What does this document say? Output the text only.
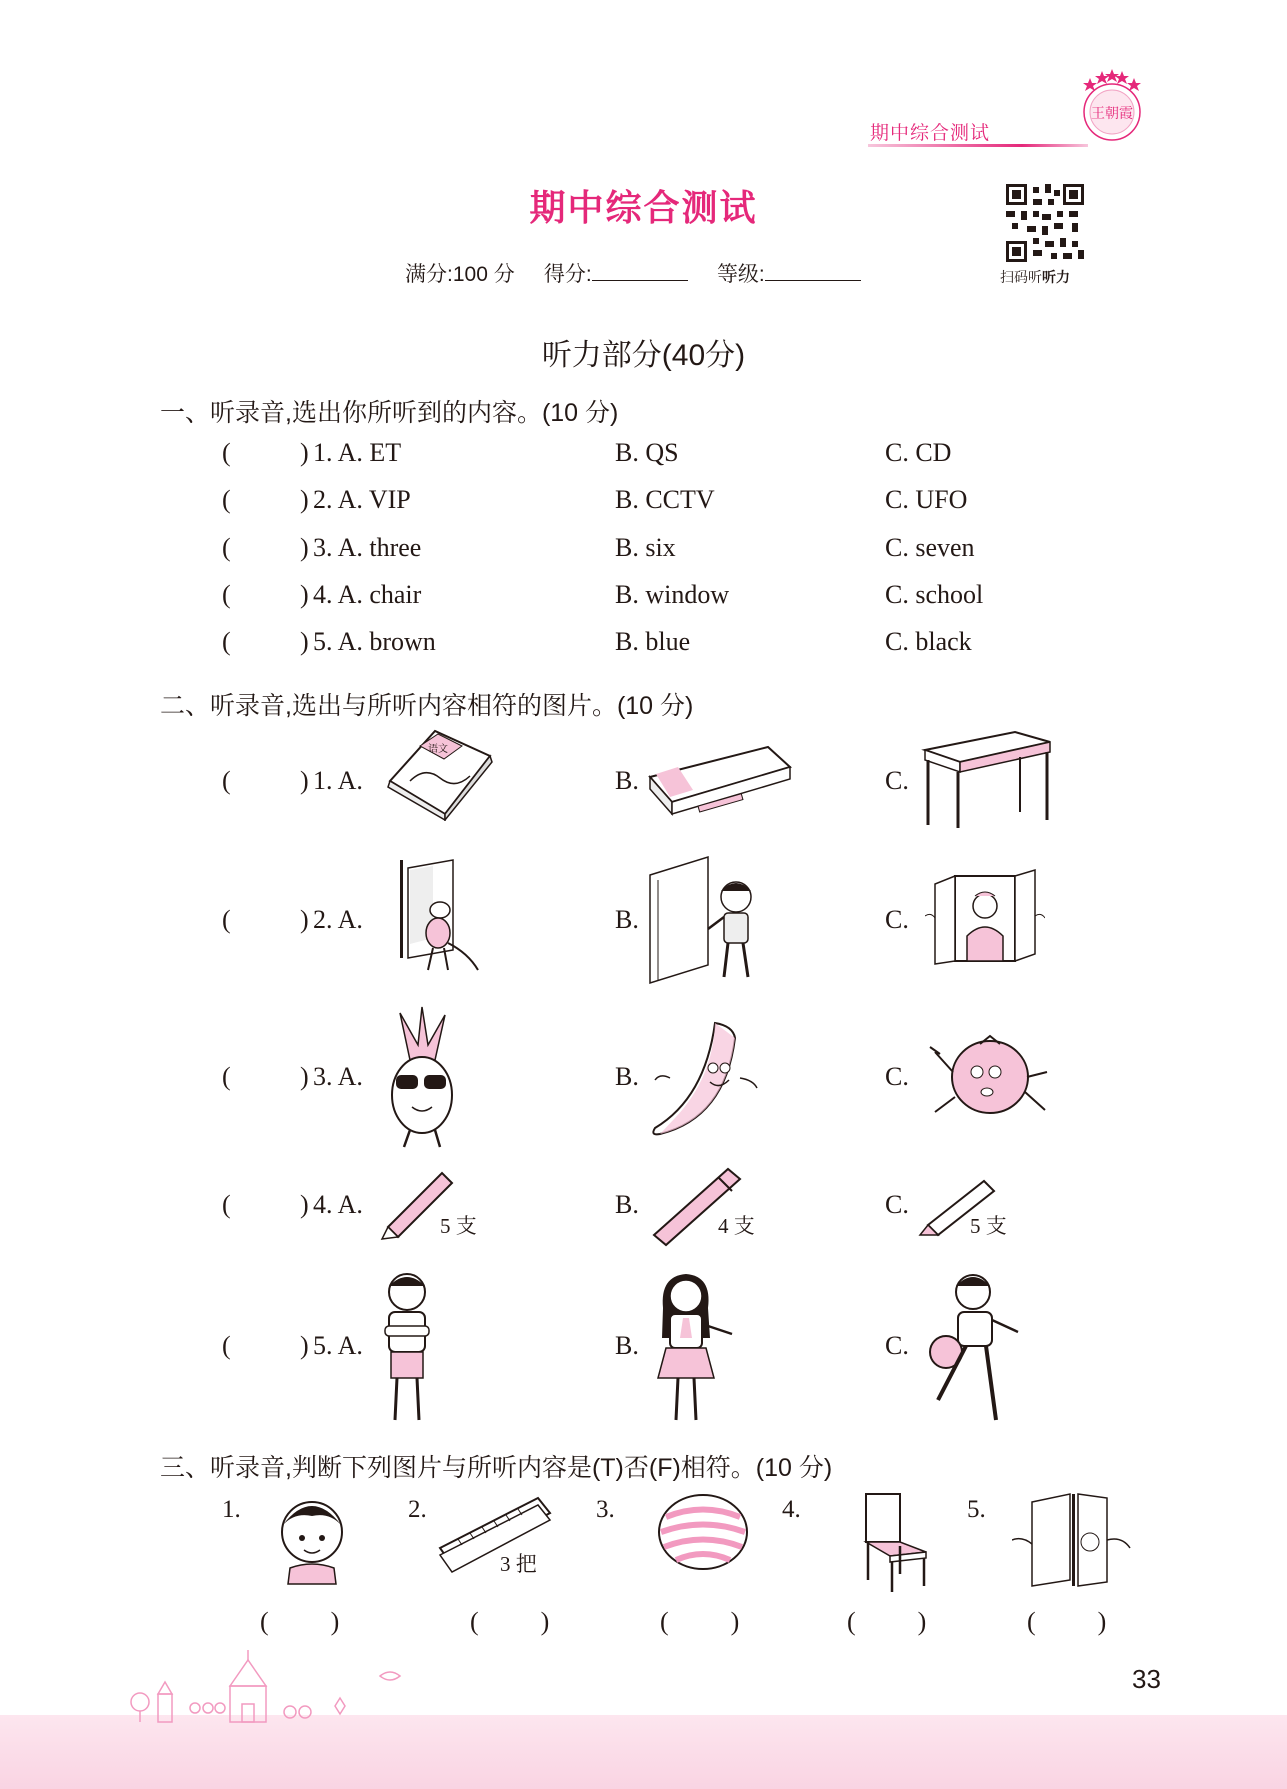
王朝霞
期中综合测试
期中综合测试
满分:100 分 得分:	等级:	扫码听听力
听力部分(40分)
一、听录音,选出你所听到的内容。(10 分)
(	) 1. A. ET	B. QS	C. CD
(	) 2. A. VIP	B. CCTV	C. UFO
(	) 3. A. three	B. six	C. seven
(	) 4. A. chair	B. window	C. school
(	) 5. A. brown	B. blue	C. black
二、听录音,选出与所听内容相符的图片。(10 分)
(	) 1. A.	B.	C.
语文
(	) 2. A.	B.	C.
(	) 3. A.	B.	C.
(	) 4. A.	B.	C.
5 支	4 支	5 支
(	) 5. A.	B.	C.
三、听录音,判断下列图片与所听内容是(T)否(F)相符。(10 分)
1.	2.
3 把
3.	4.	5.
( )	( )	( )	( )	( )
33
